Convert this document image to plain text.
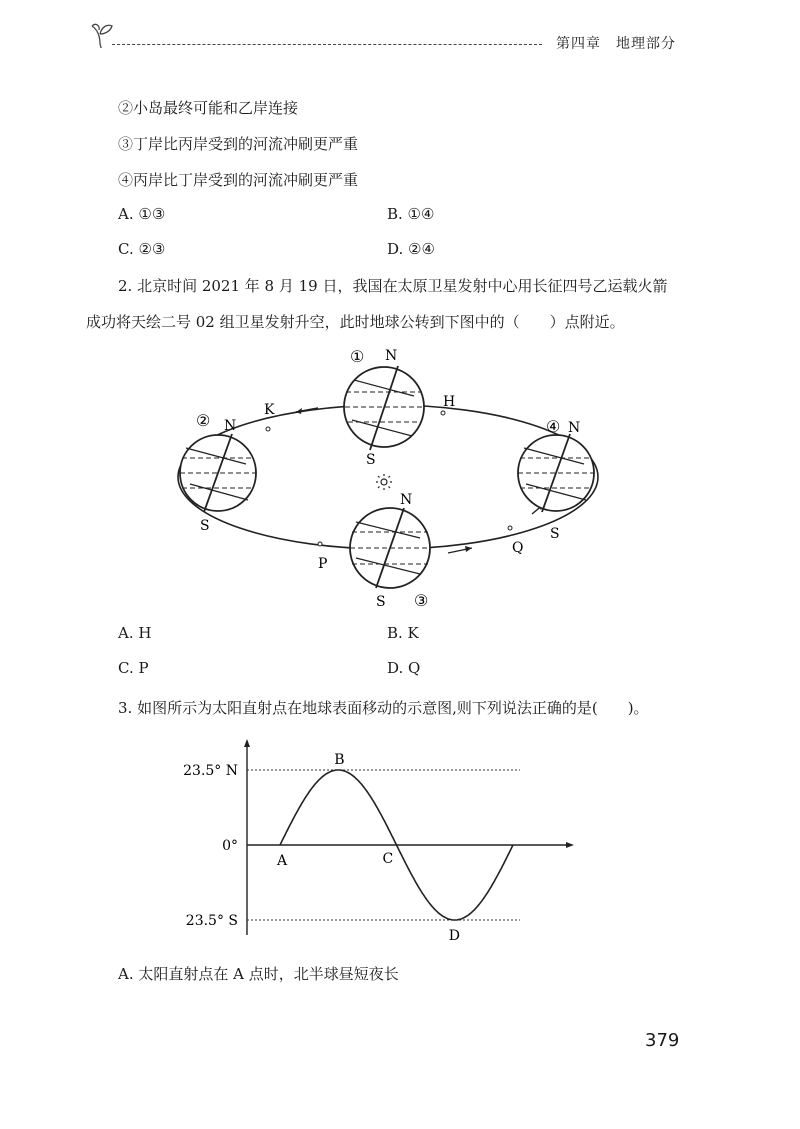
第四章　地理部分
②小岛最终可能和乙岸连接
③丁岸比丙岸受到的河流冲刷更严重
④丙岸比丁岸受到的河流冲刷更严重
A. ①③	B. ①④
C. ②③	D. ②④
2. 北京时间 2021 年 8 月 19 日，我国在太原卫星发射中心用长征四号乙运载火箭
成功将天绘二号 02 组卫星发射升空，此时地球公转到下图中的（　　）点附近。
① N
S
H
K
② N
S
N
S ③
P
④ N
S
Q
A. H	B. K
C. P	D. Q
3. 如图所示为太阳直射点在地球表面移动的示意图,则下列说法正确的是(　　)。
23.5° N
0°
23.5° S
A
B
C
D
A. 太阳直射点在 A 点时，北半球昼短夜长
379
